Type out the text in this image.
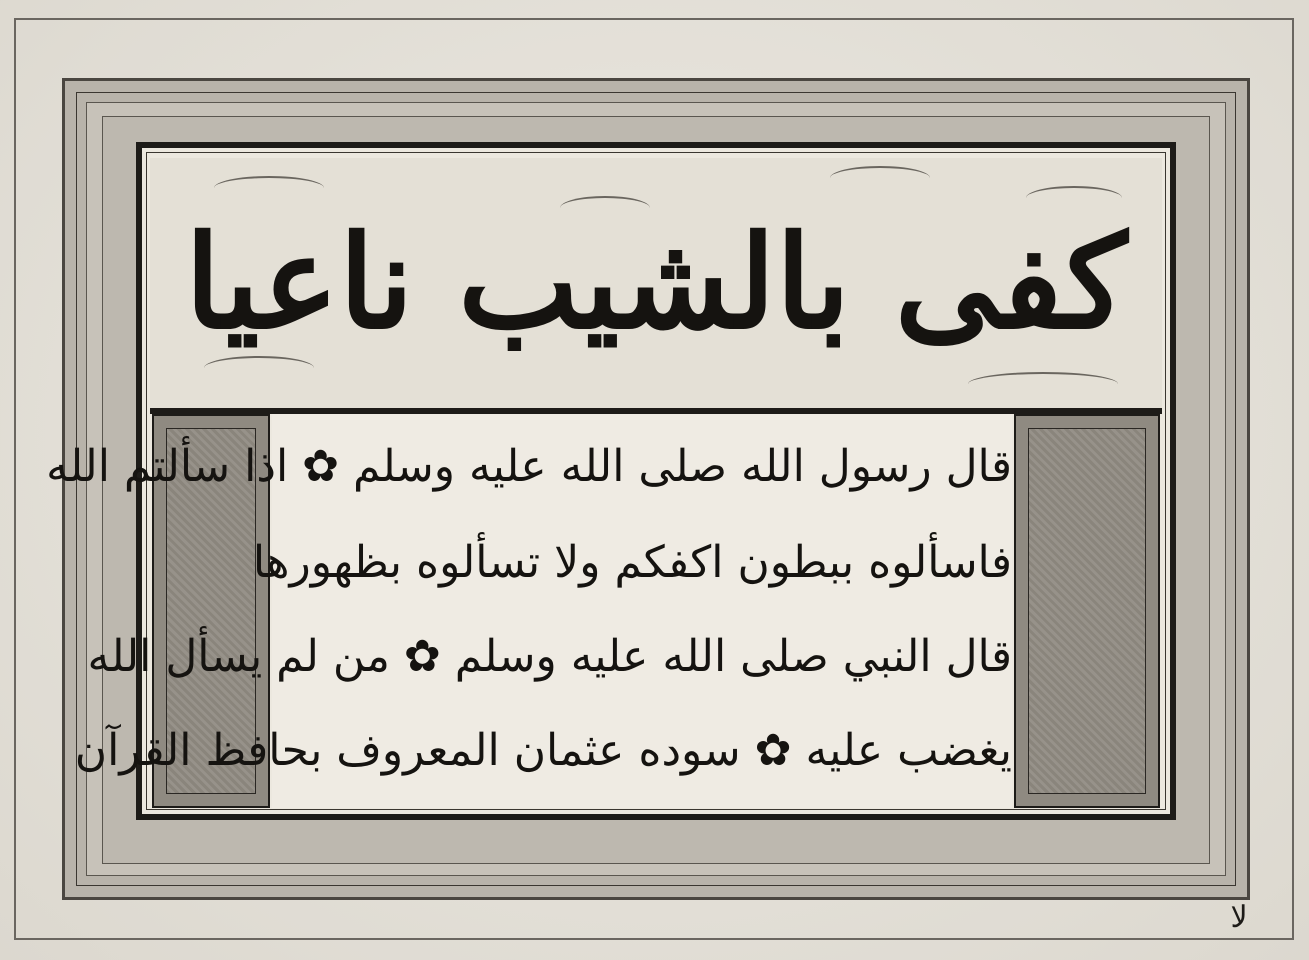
كفى بالشيب ناعيا
قال رسول الله صلى الله عليه وسلم ✿ اذا سألتم الله
فاسألوه ببطون اكفكم ولا تسألوه بظهورها
قال النبي صلى الله عليه وسلم ✿ من لم يسأل الله
يغضب عليه ✿ سوده عثمان المعروف بحافظ القرآن
ﻻ
